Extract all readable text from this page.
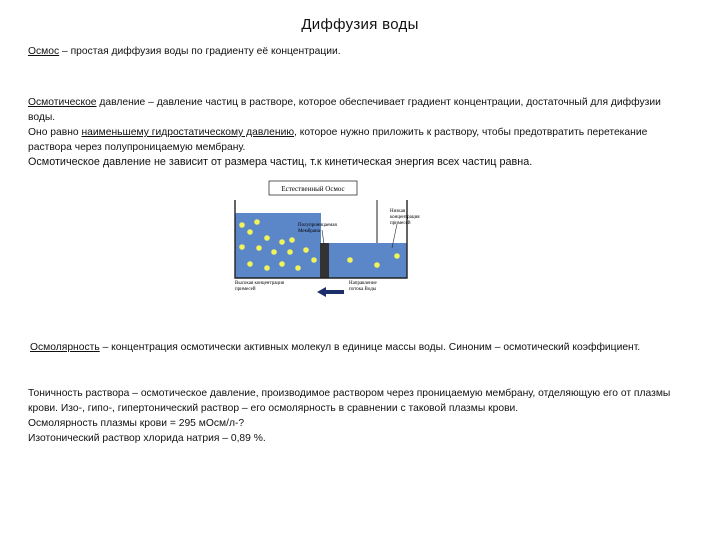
Диффузия воды

Осмос – простая диффузия воды по градиенту её концентрации.

Осмотическое давление – давление частиц в растворе, которое обеспечивает градиент концентрации, достаточный для диффузии воды.
Оно равно наименьшему гидростатическому давлению, которое нужно приложить к раствору, чтобы предотвратить перетекание раствора через полупроницаемую мембрану.
Осмотическое давление не зависит от размера частиц, т.к кинетическая энергия всех частиц равна.
Естественный Осмос
Полупроницаемая Мембрана
Низкая концентрация примесей
Высокая концентрация примесей
Направление потока Воды

Осмолярность – концентрация осмотически активных молекул в единице массы воды. Синоним – осмотический коэффициент.

Тоничность раствора – осмотическое давление, производимое раствором через проницаемую мембрану, отделяющую его от плазмы крови. Изо-, гипо-, гипертонический раствор – его осмолярность в сравнении с таковой плазмы крови.
Осмолярность плазмы крови = 295 мОсм/л-?
Изотонический раствор хлорида натрия – 0,89 %.
